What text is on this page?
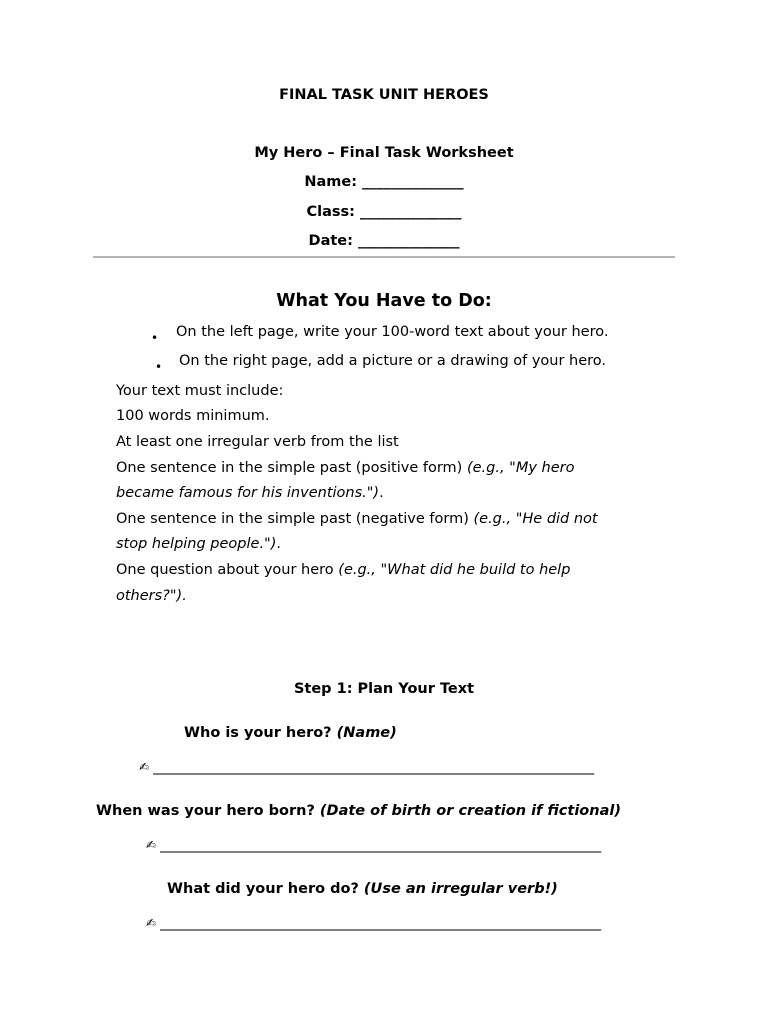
FINAL TASK UNIT HEROES
My Hero – Final Task Worksheet
Name: ______________
Class: ______________
Date: ______________
What You Have to Do:
• On the left page, write your 100-word text about your hero.
• On the right page, add a picture or a drawing of your hero.
Your text must include:
100 words minimum.
At least one irregular verb from the list
One sentence in the simple past (positive form) (e.g., "My hero
became famous for his inventions.").
One sentence in the simple past (negative form) (e.g., "He did not
stop helping people.").
One question about your hero (e.g., "What did he build to help
others?").
Step 1: Plan Your Text
Who is your hero? (Name)
✍ _______________________________________________________________
When was your hero born? (Date of birth or creation if fictional)
✍ _______________________________________________________________
What did your hero do? (Use an irregular verb!)
✍ _______________________________________________________________
